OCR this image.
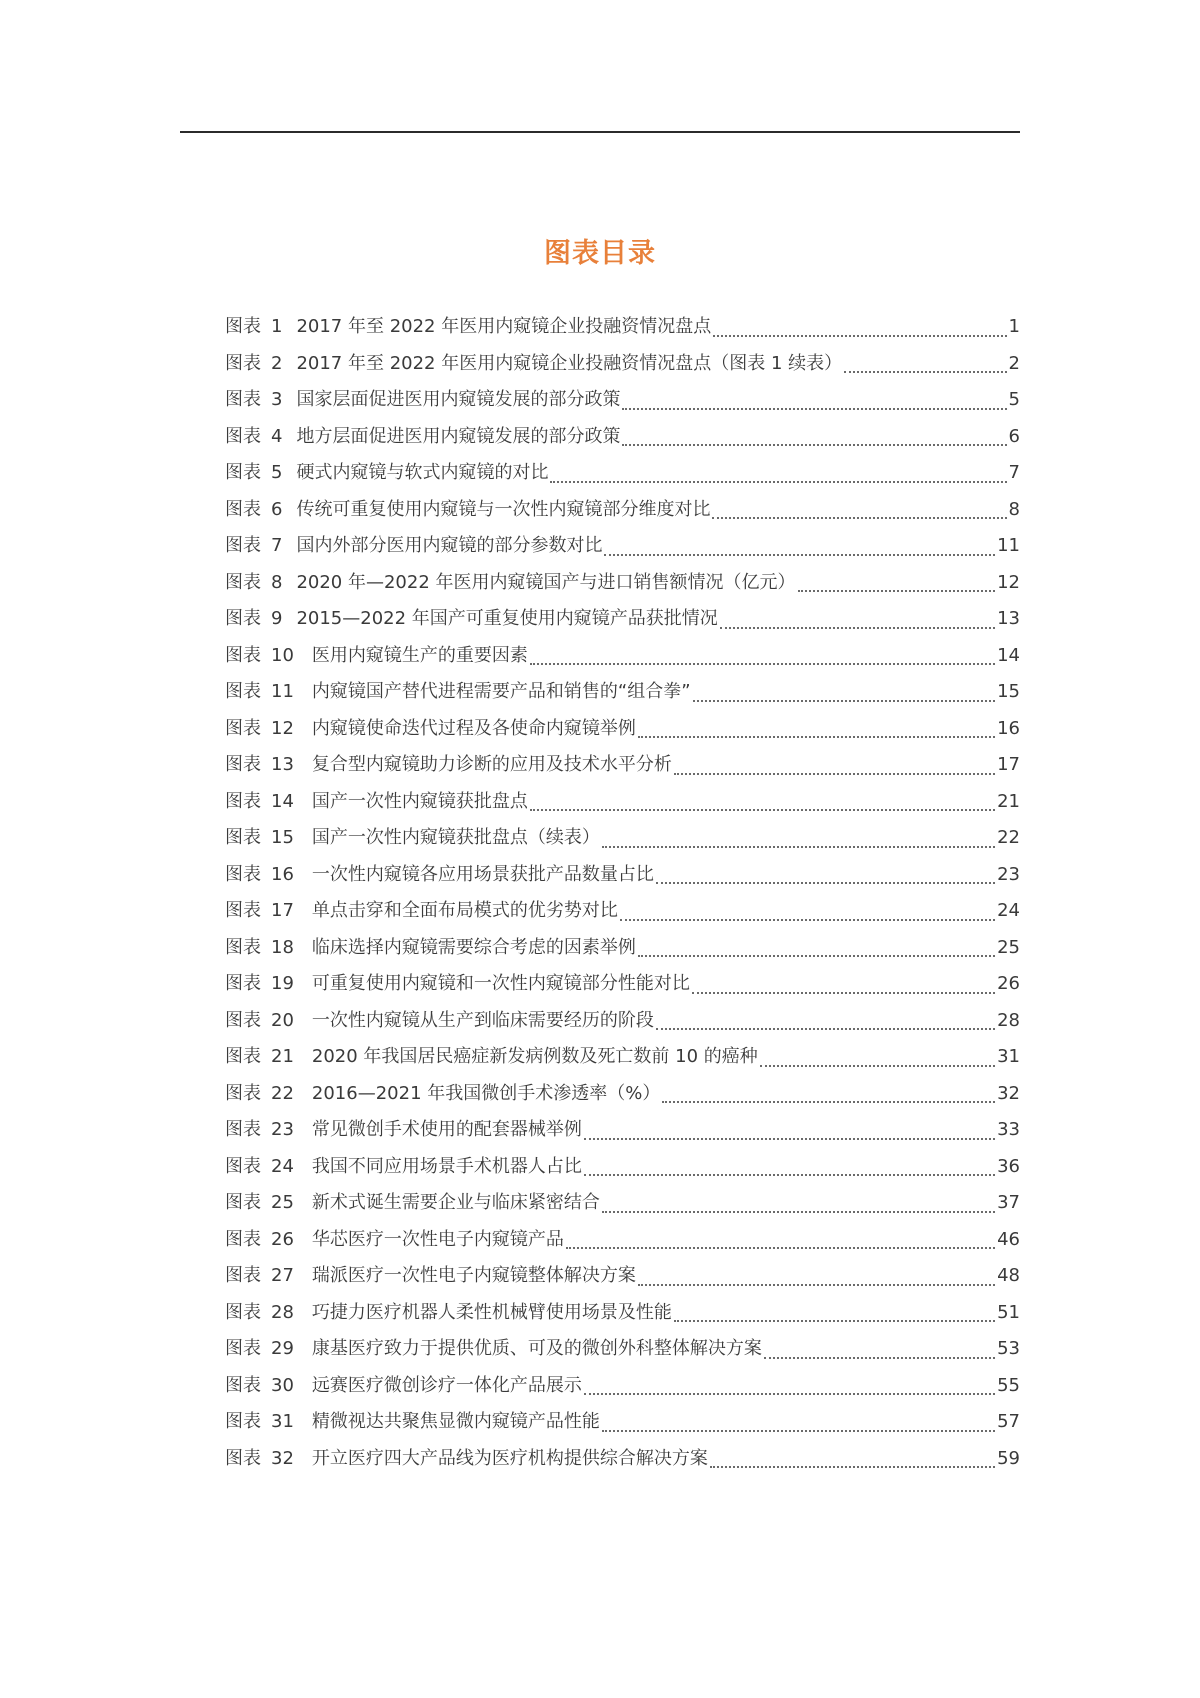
图表目录
图表 1 2017 年至 2022 年医用内窥镜企业投融资情况盘点	1
图表 2 2017 年至 2022 年医用内窥镜企业投融资情况盘点（图表 1 续表）	2
图表 3 国家层面促进医用内窥镜发展的部分政策	5
图表 4 地方层面促进医用内窥镜发展的部分政策	6
图表 5 硬式内窥镜与软式内窥镜的对比	7
图表 6 传统可重复使用内窥镜与一次性内窥镜部分维度对比	8
图表 7 国内外部分医用内窥镜的部分参数对比	11
图表 8 2020 年—2022 年医用内窥镜国产与进口销售额情况（亿元）	12
图表 9 2015—2022 年国产可重复使用内窥镜产品获批情况	13
图表 10 医用内窥镜生产的重要因素	14
图表 11 内窥镜国产替代进程需要产品和销售的“组合拳”	15
图表 12 内窥镜使命迭代过程及各使命内窥镜举例	16
图表 13 复合型内窥镜助力诊断的应用及技术水平分析	17
图表 14 国产一次性内窥镜获批盘点	21
图表 15 国产一次性内窥镜获批盘点（续表）	22
图表 16 一次性内窥镜各应用场景获批产品数量占比	23
图表 17 单点击穿和全面布局模式的优劣势对比	24
图表 18 临床选择内窥镜需要综合考虑的因素举例	25
图表 19 可重复使用内窥镜和一次性内窥镜部分性能对比	26
图表 20 一次性内窥镜从生产到临床需要经历的阶段	28
图表 21 2020 年我国居民癌症新发病例数及死亡数前 10 的癌种	31
图表 22 2016—2021 年我国微创手术渗透率（%）	32
图表 23 常见微创手术使用的配套器械举例	33
图表 24 我国不同应用场景手术机器人占比	36
图表 25 新术式诞生需要企业与临床紧密结合	37
图表 26 华芯医疗一次性电子内窥镜产品	46
图表 27 瑞派医疗一次性电子内窥镜整体解决方案	48
图表 28 巧捷力医疗机器人柔性机械臂使用场景及性能	51
图表 29 康基医疗致力于提供优质、可及的微创外科整体解决方案	53
图表 30 远赛医疗微创诊疗一体化产品展示	55
图表 31 精微视达共聚焦显微内窥镜产品性能	57
图表 32 开立医疗四大产品线为医疗机构提供综合解决方案	59
